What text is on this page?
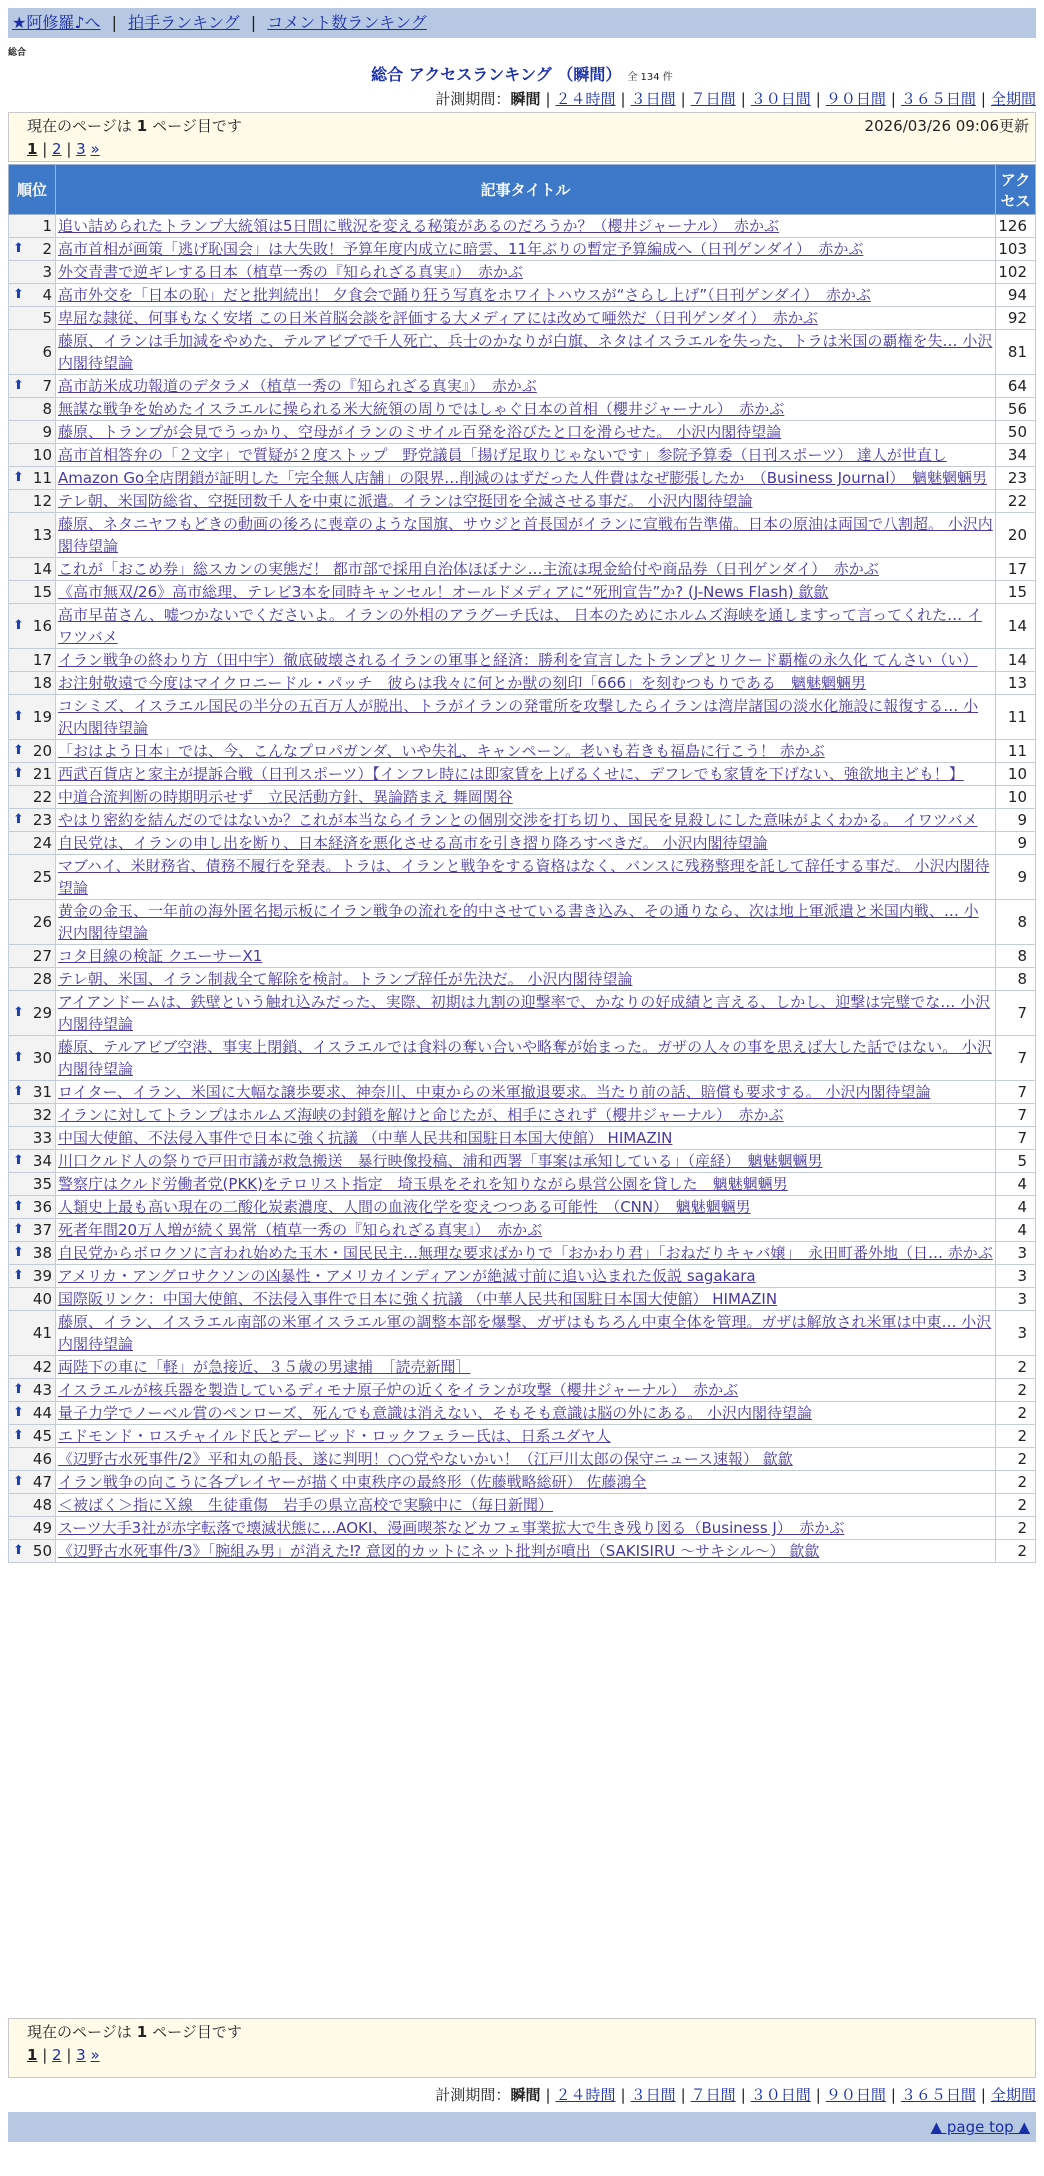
★阿修羅♪へ | 拍手ランキング | コメント数ランキング
総合
総合 アクセスランキング （瞬間） 全 134 件
計測期間：瞬間 | ２４時間 | ３日間 | ７日間 | ３０日間 | ９０日間 | ３６５日間 | 全期間
現在のページは 1 ページ目です	2026/03/26 09:06更新
1 | 2 | 3 »
順位	記事タイトル	アクセス
1	追い詰められたトランプ大統領は5日間に戦況を変える秘策があるのだろうか？（櫻井ジャーナル）　赤かぶ	126

⬆ 2	高市首相が画策「逃げ恥国会」は大失敗！予算年度内成立に暗雲、11年ぶりの暫定予算編成へ（日刊ゲンダイ）　赤かぶ	103
3	外交青書で逆ギレする日本（植草一秀の『知られざる真実』）　赤かぶ	102

⬆ 4	高市外交を「日本の恥」だと批判続出！ 夕食会で踊り狂う写真をホワイトハウスが“さらし上げ”（日刊ゲンダイ）　赤かぶ	94
5	卑屈な隷従、何事もなく安堵 この日米首脳会談を評価する大メディアには改めて唖然だ（日刊ゲンダイ）　赤かぶ	92
6	藤原、イランは手加減をやめた、テルアビブで千人死亡、兵士のかなりが白旗、ネタはイスラエルを失った、トラは米国の覇権を失… 小沢内閣待望論	81

⬆ 7	高市訪米成功報道のデタラメ（植草一秀の『知られざる真実』）　赤かぶ	64
8	無謀な戦争を始めたイスラエルに操られる米大統領の周りではしゃぐ日本の首相（櫻井ジャーナル）　赤かぶ	56
9	藤原、トランプが会見でうっかり、空母がイランのミサイル百発を浴びたと口を滑らせた。 小沢内閣待望論	50
10	高市首相答弁の「２文字」で質疑が２度ストップ　野党議員「揚げ足取りじゃないです」参院予算委（日刊スポーツ） 達人が世直し	34

⬆ 11	Amazon Go全店閉鎖が証明した「完全無人店舗」の限界…削減のはずだった人件費はなぜ膨張したか　（Business Journal）　魑魅魍魎男	23
12	テレ朝、米国防総省、空挺団数千人を中東に派遣。イランは空挺団を全滅させる事だ。 小沢内閣待望論	22
13	藤原、ネタニヤフもどきの動画の後ろに喪章のような国旗、サウジと首長国がイランに宣戦布告準備。日本の原油は両国で八割超。 小沢内閣待望論	20
14	これが「おこめ券」総スカンの実態だ！ 都市部で採用自治体ほぼナシ…主流は現金給付や商品券（日刊ゲンダイ）　赤かぶ	17
15	《高市無双/26》高市総理、テレビ3本を同時キャンセル！オールドメディアに“死刑宣告”か? (J-News Flash) 歙歙	15

⬆ 16	高市早苗さん、嘘つかないでくださいよ。イランの外相のアラグーチ氏は、 日本のためにホルムズ海峡を通しますって言ってくれた… イワツバメ	14
17	イラン戦争の終わり方（田中宇）徹底破壊されるイランの軍事と経済：勝利を宣言したトランプとリクード覇権の永久化 てんさい（い）	14
18	お注射敬遠で今度はマイクロニードル・パッチ　彼らは我々に何とか獣の刻印「666」を刻むつもりである　魑魅魍魎男	13

⬆ 19	コシミズ、イスラエル国民の半分の五百万人が脱出、トラがイランの発電所を攻撃したらイランは湾岸諸国の淡水化施設に報復する… 小沢内閣待望論	11

⬆ 20	「おはよう日本」では、今、こんなプロパガンダ、いや失礼、キャンペーン。老いも若きも福島に行こう！ 赤かぶ	11

⬆ 21	西武百貨店と家主が提訴合戦（日刊スポーツ）【インフレ時には即家賃を上げるくせに、デフレでも家賃を下げない、強欲地主ども！】	10
22	中道合流判断の時期明示せず　立民活動方針、異論踏まえ 舞岡関谷	10

⬆ 23	やはり密約を結んだのではないか？これが本当ならイランとの個別交渉を打ち切り、国民を見殺しにした意味がよくわかる。 イワツバメ	9
24	自民党は、イランの申し出を断り、日本経済を悪化させる高市を引き摺り降ろすべきだ。 小沢内閣待望論	9
25	マブハイ、米財務省、債務不履行を発表。トラは、イランと戦争をする資格はなく、バンスに残務整理を託して辞任する事だ。 小沢内閣待望論	9
26	黄金の金玉、一年前の海外匿名掲示板にイラン戦争の流れを的中させている書き込み、その通りなら、次は地上軍派遣と米国内戦、… 小沢内閣待望論	8
27	コタ目線の検証 クエーサーX1	8
28	テレ朝、米国、イラン制裁全て解除を検討。トランプ辞任が先決だ。 小沢内閣待望論	8

⬆ 29	アイアンドームは、鉄壁という触れ込みだった、実際、初期は九割の迎撃率で、かなりの好成績と言える、しかし、迎撃は完璧でな… 小沢内閣待望論	7

⬆ 30	藤原、テルアビブ空港、事実上閉鎖、イスラエルでは食料の奪い合いや略奪が始まった。ガザの人々の事を思えば大した話ではない。 小沢内閣待望論	7

⬆ 31	ロイター、イラン、米国に大幅な譲歩要求、神奈川、中東からの米軍撤退要求。当たり前の話、賠償も要求する。 小沢内閣待望論	7
32	イランに対してトランプはホルムズ海峡の封鎖を解けと命じたが、相手にされず（櫻井ジャーナル）　赤かぶ	7
33	中国大使館、不法侵入事件で日本に強く抗議 （中華人民共和国駐日本国大使館） HIMAZIN	7

⬆ 34	川口クルド人の祭りで戸田市議が救急搬送　暴行映像投稿、浦和西署「事案は承知している」（産経）　魑魅魍魎男	5
35	警察庁はクルド労働者党(PKK)をテロリスト指定　埼玉県をそれを知りながら県営公園を貸した　魑魅魍魎男	4

⬆ 36	人類史上最も高い現在の二酸化炭素濃度、人間の血液化学を変えつつある可能性　（CNN）　魑魅魍魎男	4

⬆ 37	死者年間20万人増が続く異常（植草一秀の『知られざる真実』）　赤かぶ	4

⬆ 38	自民党からボロクソに言われ始めた玉木・国民民主…無理な要求ばかりで「おかわり君」「おねだりキャバ嬢」　永田町番外地（日… 赤かぶ	3

⬆ 39	アメリカ・アングロサクソンの凶暴性・アメリカインディアンが絶滅寸前に追い込まれた仮説 sagakara	3
40	国際阪リンク：中国大使館、不法侵入事件で日本に強く抗議 （中華人民共和国駐日本国大使館） HIMAZIN	3
41	藤原、イラン、イスラエル南部の米軍イスラエル軍の調整本部を爆撃、ガザはもちろん中東全体を管理。ガザは解放され米軍は中東… 小沢内閣待望論	3
42	両陛下の車に「軽」が急接近、３５歳の男逮捕　［読売新聞］	2

⬆ 43	イスラエルが核兵器を製造しているディモナ原子炉の近くをイランが攻撃（櫻井ジャーナル）　赤かぶ	2

⬆ 44	量子力学でノーベル賞のペンローズ、死んでも意識は消えない、そもそも意識は脳の外にある。 小沢内閣待望論	2

⬆ 45	エドモンド・ロスチャイルド氏とデービッド・ロックフェラー氏は、日系ユダヤ人	2
46	《辺野古水死事件/2》平和丸の船長、遂に判明！○○党やないかい！（江戸川太郎の保守ニュース速報） 歙歙	2

⬆ 47	イラン戦争の向こうに各プレイヤーが描く中東秩序の最終形（佐藤戦略総研） 佐藤鴻全	2
48	＜被ばく＞指にＸ線　生徒重傷　岩手の県立高校で実験中に（毎日新聞）	2
49	スーツ大手3社が赤字転落で壊滅状態に…AOKI、漫画喫茶などカフェ事業拡大で生き残り図る（Business J）　赤かぶ	2

⬆ 50	《辺野古水死事件/3》「腕組み男」が消えた⁉ 意図的カットにネット批判が噴出（SAKISIRU 〜サキシル〜） 歙歙	2
現在のページは 1 ページ目です
1 | 2 | 3 »
計測期間：瞬間 | ２４時間 | ３日間 | ７日間 | ３０日間 | ９０日間 | ３６５日間 | 全期間
▲ page top ▲
